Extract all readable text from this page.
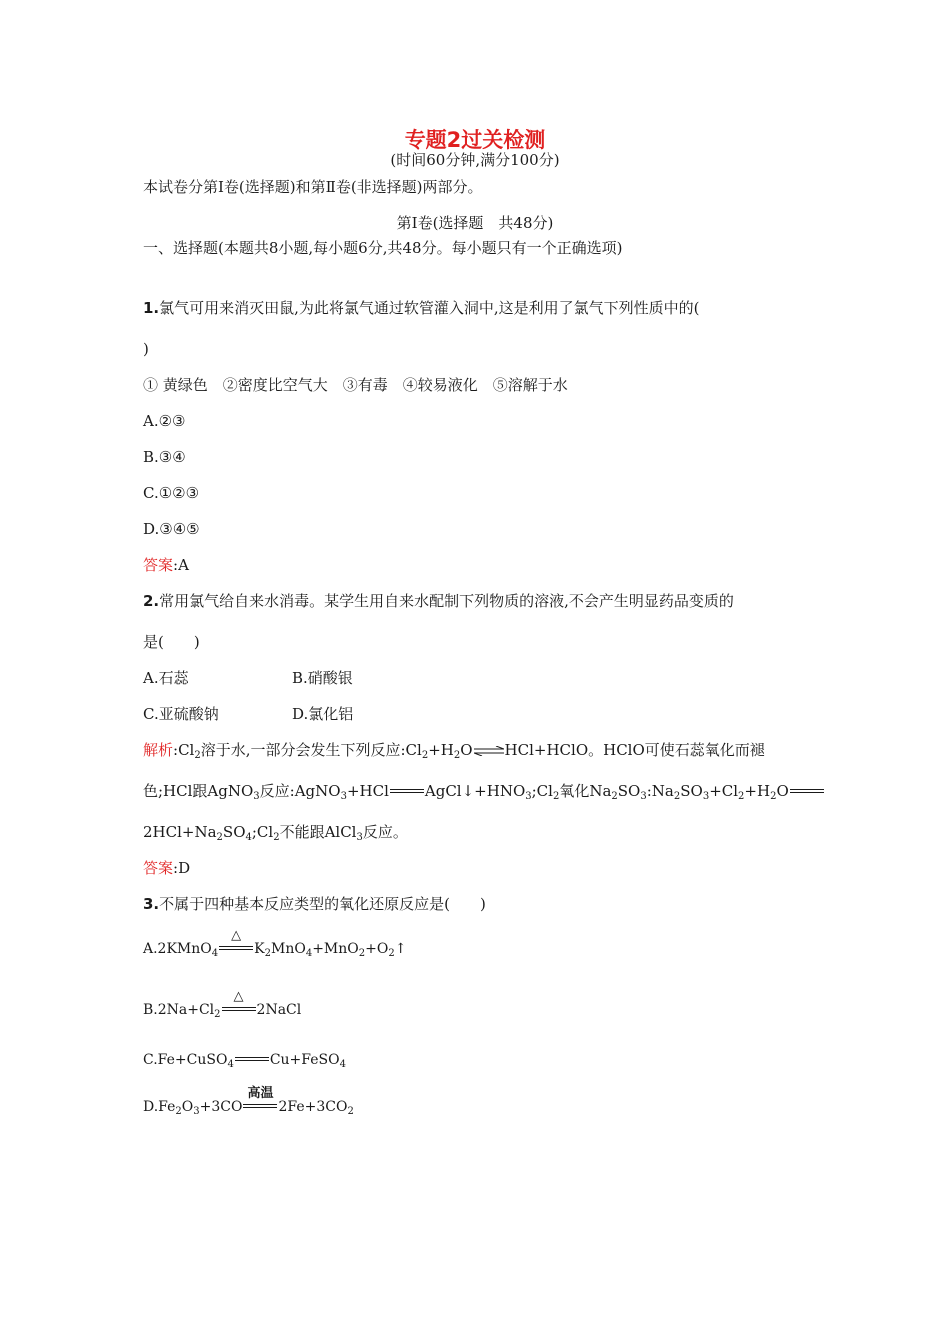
专题2过关检测
(时间60分钟,满分100分)
本试卷分第Ⅰ卷(选择题)和第Ⅱ卷(非选择题)两部分。
第Ⅰ卷(选择题　共48分)
一、选择题(本题共8小题,每小题6分,共48分。每小题只有一个正确选项)
1.氯气可用来消灭田鼠,为此将氯气通过软管灌入洞中,这是利用了氯气下列性质中的(
)
① 黄绿色　②密度比空气大　③有毒　④较易液化　⑤溶解于水
A.②③
B.③④
C.①②③
D.③④⑤
答案:A
2.常用氯气给自来水消毒。某学生用自来水配制下列物质的溶液,不会产生明显药品变质的
是(　　)
A.石蕊	B.硝酸银
C.亚硫酸钠	D.氯化铝
解析$:Cl_2$溶于水,一部分会发生下列反应$:Cl_2+H_2O\rightleftharpoons HCl+HClO$。HClO可使石蕊氧化而褪
色;HCl跟AgNO$_3$反应:AgNO$_3$+HCl $AgCl↓+HNO_3;Cl_2$氧化$Na_2SO_3:Na_2SO_3+Cl_2+H_2O$
$2HCl+Na_2SO_4;Cl_2$不能跟AlCl$_3$反应。
答案:D
3.不属于四种基本反应类型的氧化还原反应是(　　)
A.2KMnO$_4$
△
$K_2MnO_4+MnO_2+O_2↑$
$B.2Na+Cl_2$
△
2NaCl
C.Fe+CuSO$_4$	Cu+FeSO$_4$
$D.Fe_2O_3+3CO$
高温
$2Fe+3CO_2$
